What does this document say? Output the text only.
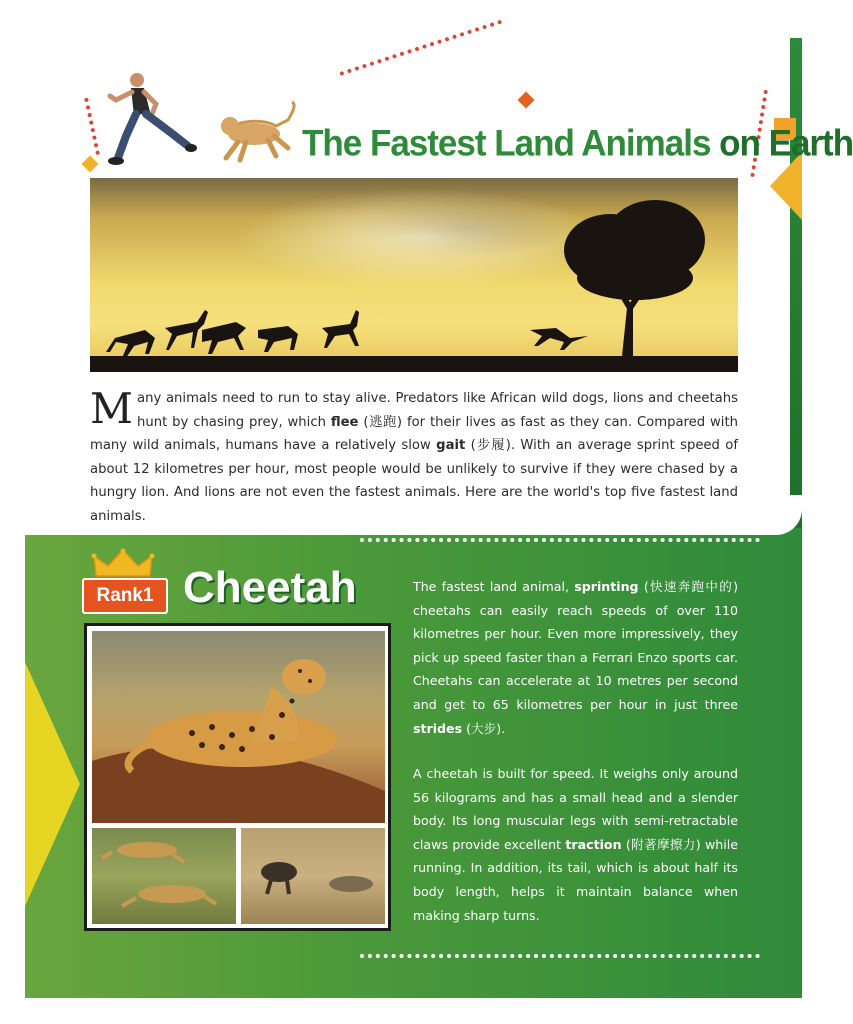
The Fastest Land Animals on Earth
Many animals need to run to stay alive. Predators like African wild dogs, lions and cheetahs hunt by chasing prey, which flee (逃跑) for their lives as fast as they can. Compared with many wild animals, humans have a relatively slow gait (步履). With an average sprint speed of about 12 kilometres per hour, most people would be unlikely to survive if they were chased by a hungry lion. And lions are not even the fastest animals. Here are the world's top five fastest land animals.
Rank1 Cheetah	The fastest land animal, sprinting (快速奔跑中的) cheetahs can easily reach speeds of over 110 kilometres per hour. Even more impressively, they pick up speed faster than a Ferrari Enzo sports car. Cheetahs can accelerate at 10 metres per second and get to 65 kilometres per hour in just three strides (大步).
A cheetah is built for speed. It weighs only around 56 kilograms and has a small head and a slender body. Its long muscular legs with semi-retractable claws provide excellent traction (附著摩擦力) while running. In addition, its tail, which is about half its body length, helps it maintain balance when making sharp turns.
